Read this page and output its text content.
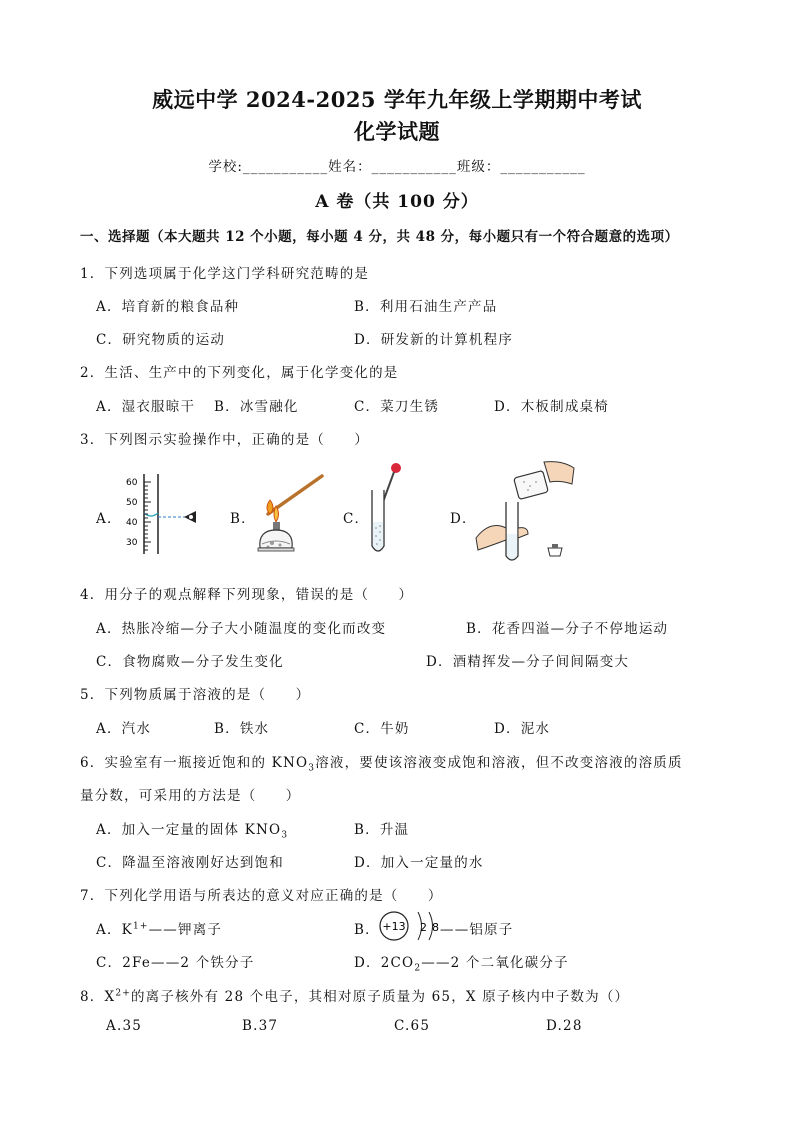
威远中学 2024-2025 学年九年级上学期期中考试
化学试题
学校:___________姓名：___________班级：___________
A 卷（共 100 分）
一、选择题（本大题共 12 个小题，每小题 4 分，共 48 分，每小题只有一个符合题意的选项）
1．下列选项属于化学这门学科研究范畴的是
A．培育新的粮食品种	B．利用石油生产产品
C．研究物质的运动	D．研发新的计算机程序
2．生活、生产中的下列变化，属于化学变化的是
A．湿衣服晾干 B．冰雪融化	C．菜刀生锈	D．木板制成桌椅
3．下列图示实验操作中，正确的是（　　）
A．	B．	C．	D．
60
50
40
30
4．用分子的观点解释下列现象，错误的是（　　）
A．热胀冷缩—分子大小随温度的变化而改变	B．花香四溢—分子不停地运动
C．食物腐败—分子发生变化	D．酒精挥发—分子间间隔变大
5．下列物质属于溶液的是（　　）
A．汽水	B．铁水	C．牛奶	D．泥水
6．实验室有一瓶接近饱和的 $KNO_3$溶液，要使该溶液变成饱和溶液，但不改变溶液的溶质质
量分数，可采用的方法是（　　）
A．加入一定量的固体 $KNO_3$	B．升温
C．降温至溶液刚好达到饱和	D．加入一定量的水
7．下列化学用语与所表达的意义对应正确的是（　　）
A．$K^{1+}——$钾离子	B． +13 2 8 ——铝原子
C．2Fe——2 个铁分子	D．$2CO_2——2$ 个二氧化碳分子
8．$X^{2+}$的离子核外有 28 个电子，其相对原子质量为 65，X 原子核内中子数为（）
A.35	B.37	C.65	D.28
